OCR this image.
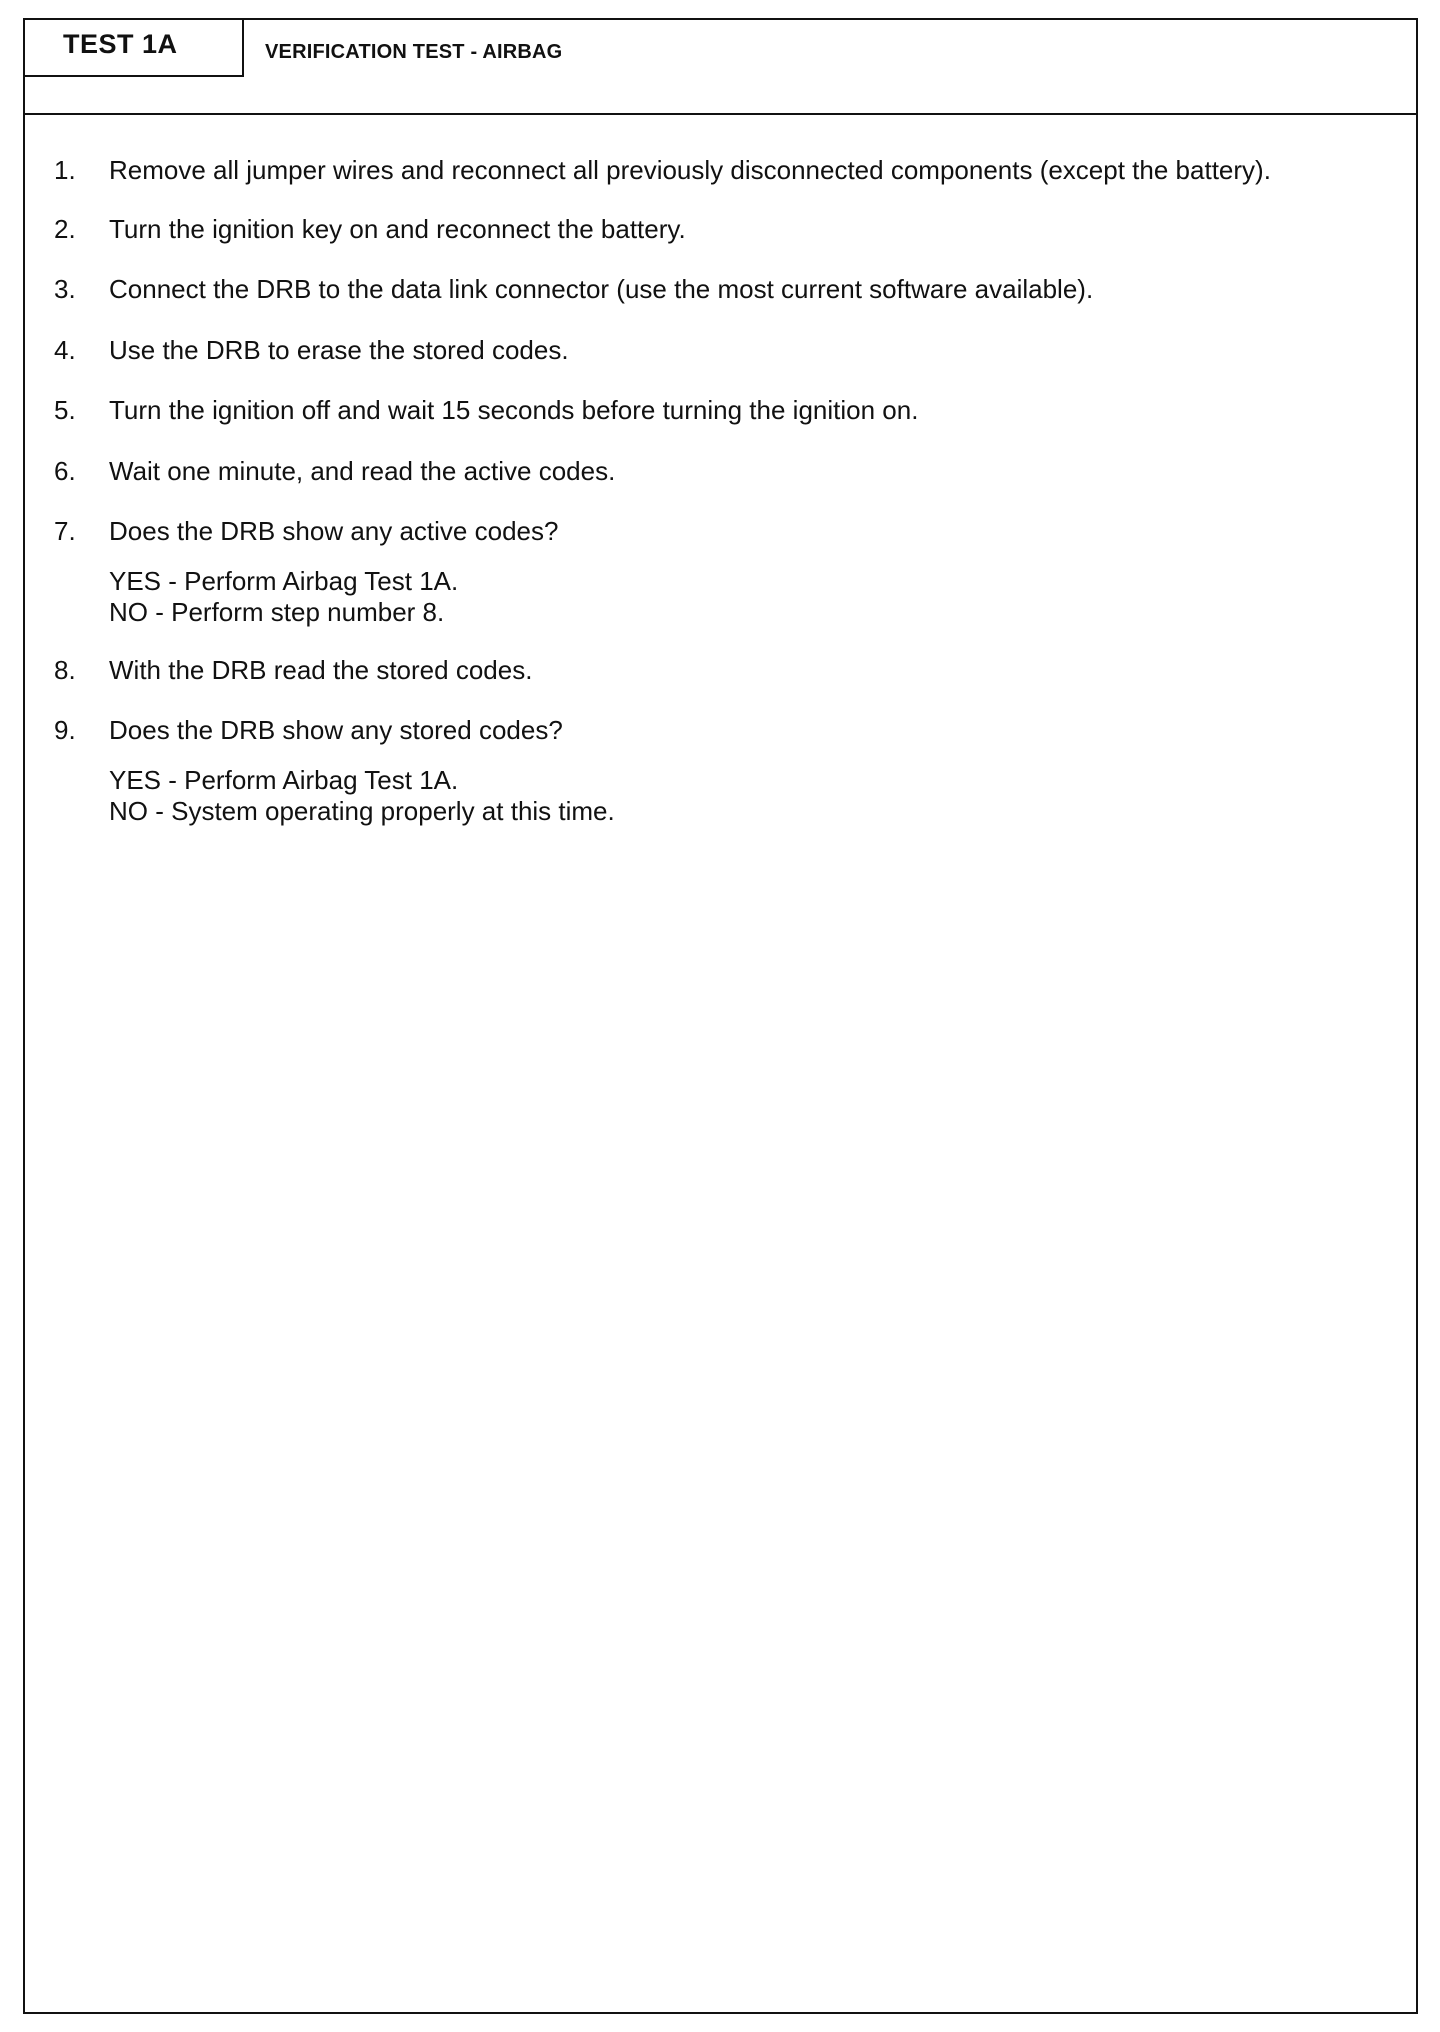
TEST 1A	VERIFICATION TEST - AIRBAG
1.	Remove all jumper wires and reconnect all previously disconnected components (except the battery).
2.	Turn the ignition key on and reconnect the battery.
3.	Connect the DRB to the data link connector (use the most current software available).
4.	Use the DRB to erase the stored codes.
5.	Turn the ignition off and wait 15 seconds before turning the ignition on.
6.	Wait one minute, and read the active codes.
7.	Does the DRB show any active codes?
YES - Perform Airbag Test 1A.
NO - Perform step number 8.
8.	With the DRB read the stored codes.
9.	Does the DRB show any stored codes?
YES - Perform Airbag Test 1A.
NO - System operating properly at this time.
